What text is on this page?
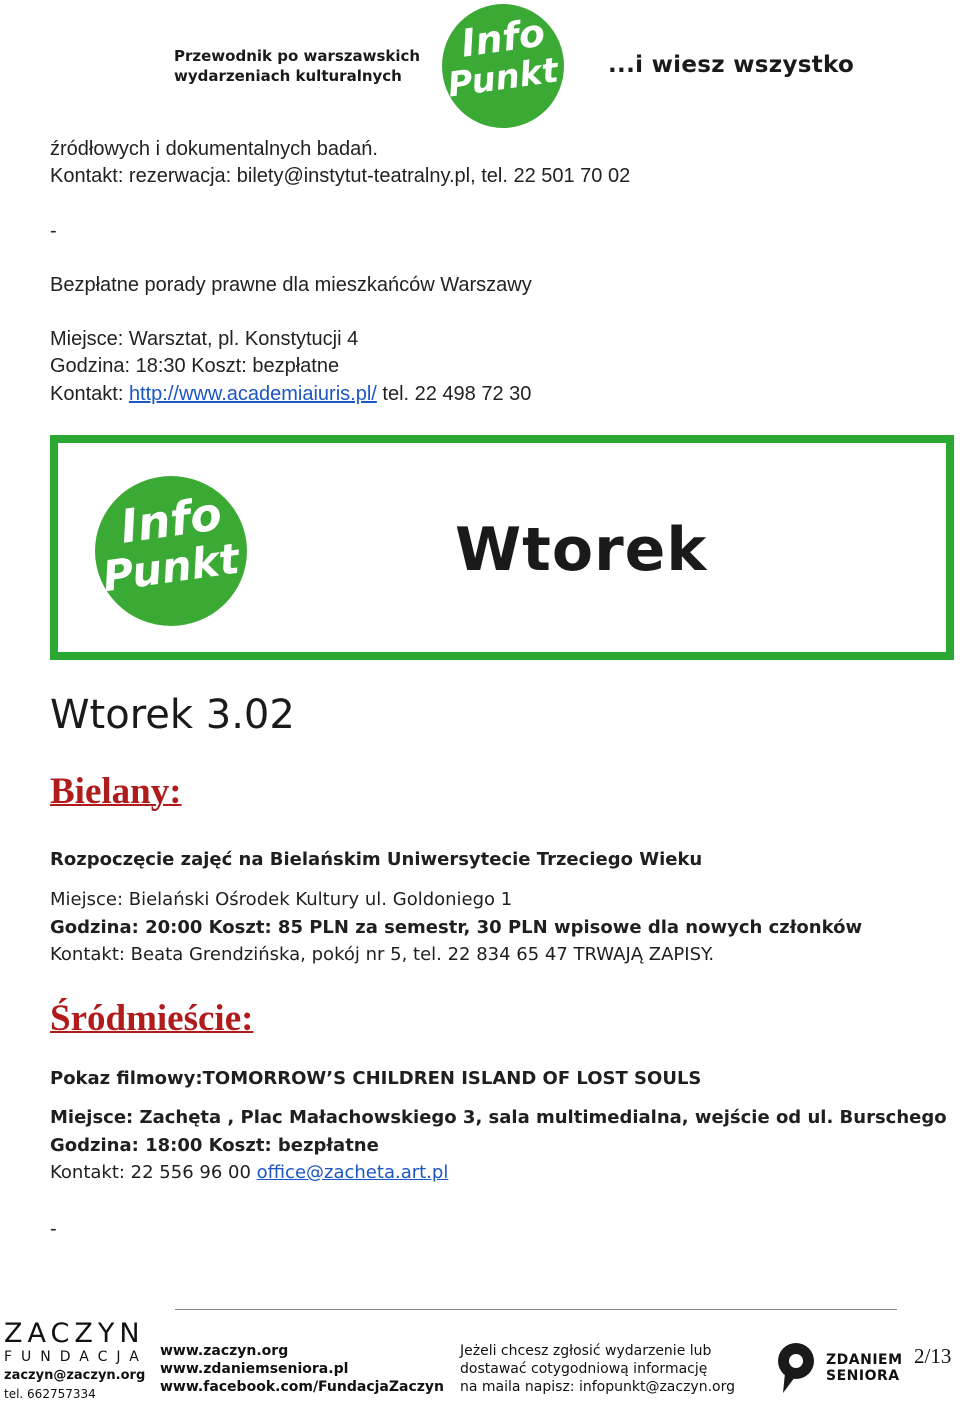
Przewodnik po warszawskich
wydarzeniach kulturalnych
Info
Punkt ...i wiesz wszystko
źródłowych i dokumentalnych badań.
Kontakt: rezerwacja: bilety@instytut-teatralny.pl, tel. 22 501 70 02
-
Bezpłatne porady prawne dla mieszkańców Warszawy
Miejsce: Warsztat, pl. Konstytucji 4
Godzina: 18:30 Koszt: bezpłatne
Kontakt: http://www.academiaiuris.pl/ tel. 22 498 72 30
Info
Punkt	Wtorek
Wtorek 3.02
Bielany:
Rozpoczęcie zajęć na Bielańskim Uniwersytecie Trzeciego Wieku
Miejsce: Bielański Ośrodek Kultury ul. Goldoniego 1
Godzina: 20:00 Koszt: 85 PLN za semestr, 30 PLN wpisowe dla nowych członków
Kontakt: Beata Grendzińska, pokój nr 5, tel. 22 834 65 47 TRWAJĄ ZAPISY.
Śródmieście:
Pokaz filmowy:TOMORROW’S CHILDREN ISLAND OF LOST SOULS
Miejsce: Zachęta , Plac Małachowskiego 3, sala multimedialna, wejście od ul. Burschego
Godzina: 18:00 Koszt: bezpłatne
Kontakt: 22 556 96 00 office@zacheta.art.pl
-
ZACZYN
FUNDACJA
zaczyn@zaczyn.org
tel. 662757334
www.zaczyn.org
www.zdaniemseniora.pl
www.facebook.com/FundacjaZaczyn
Jeżeli chcesz zgłosić wydarzenie lub
dostawać cotygodniową informację
na maila napisz: infopunkt@zaczyn.org
ZDANIEM
SENIORA
2/13
